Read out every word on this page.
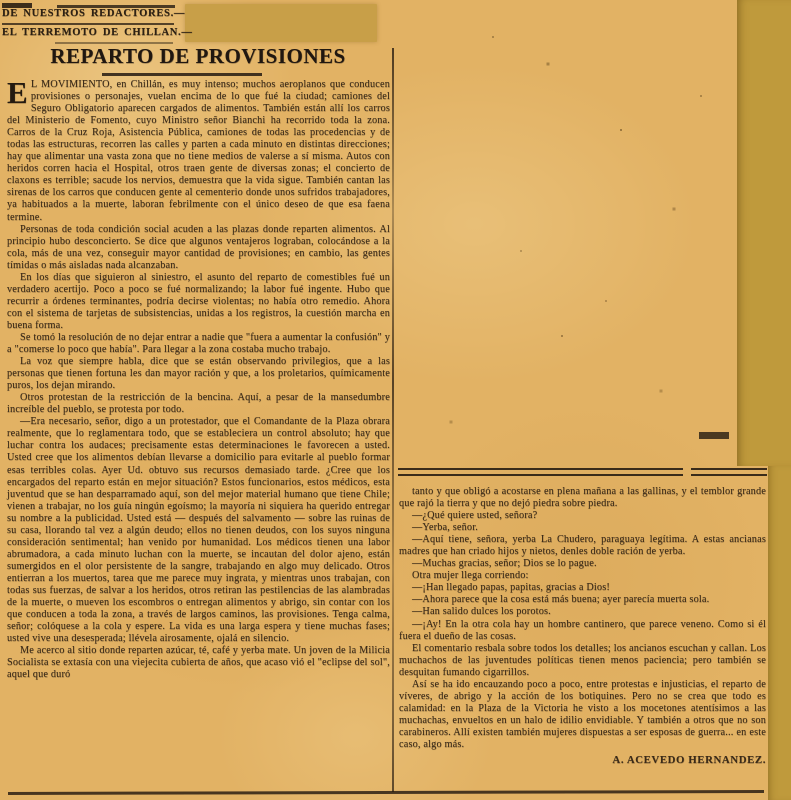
DE NUESTROS REDACTORES.—
EL TERREMOTO DE CHILLAN.—
REPARTO DE PROVISIONES

E L MOVIMIENTO, en Chillán, es muy intenso; muchos aeroplanos que conducen provisiones o personajes, vuelan encima de lo que fué la ciudad; camiones del Seguro Obligatorio aparecen cargados de alimentos. También están allí los carros del Ministerio de Fomento, cuyo Ministro señor Bianchi ha recorrido toda la zona. Carros de la Cruz Roja, Asistencia Pública, camiones de todas las procedencias y de todas las estructuras, recorren las calles y parten a cada minuto en distintas direcciones; hay que alimentar una vasta zona que no tiene medios de valerse a sí misma. Autos con heridos corren hacia el Hospital, otros traen gente de diversas zonas; el concierto de claxons es terrible; sacude los nervios, demuestra que la vida sigue. También cantan las sirenas de los carros que conducen gente al cementerio donde unos sufridos trabajadores, ya habituados a la muerte, laboran febrilmente con el único deseo de que esa faena termine.

Personas de toda condición social acuden a las plazas donde reparten alimentos. Al principio hubo desconcierto. Se dice que algunos ventajeros lograban, colocándose a la cola, más de una vez, conseguir mayor cantidad de provisiones; en cambio, las gentes tímidas o más aisladas nada alcanzaban.

En los días que siguieron al siniestro, el asunto del reparto de comestibles fué un verdadero acertijo. Poco a poco se fué normalizando; la labor fué ingente. Hubo que recurrir a órdenes terminantes, podría decirse violentas; no había otro remedio. Ahora con el sistema de tarjetas de subsistencias, unidas a los registros, la cuestión marcha en buena forma.

Se tomó la resolución de no dejar entrar a nadie que "fuera a aumentar la confusión" y a "comerse lo poco que había". Para llegar a la zona costaba mucho trabajo.

La voz que siempre habla, dice que se están observando privilegios, que a las personas que tienen fortuna les dan mayor ración y que, a los proletarios, químicamente puros, los dejan mirando.

Otros protestan de la restricción de la bencina. Aquí, a pesar de la mansedumbre increíble del pueblo, se protesta por todo.

—Era necesario, señor, digo a un protestador, que el Comandante de la Plaza obrara realmente, que lo reglamentara todo, que se estableciera un control absoluto; hay que luchar contra los audaces; precisamente estas determinaciones le favorecen a usted. Usted cree que los alimentos debían llevarse a domicilio para evitarle al pueblo formar esas terribles colas. Ayer Ud. obtuvo sus recursos demasiado tarde. ¿Cree que los encargados del reparto están en mejor situación? Estos funcionarios, estos médicos, esta juventud que se han desparramado aquí, son del mejor material humano que tiene Chile; vienen a trabajar, no los guía ningún egoísmo; la mayoría ni siquiera ha querido entregar su nombre a la publicidad. Usted está — después del salvamento — sobre las ruinas de su casa, llorando tal vez a algún deudo; ellos no tienen deudos, con los suyos ninguna consideración sentimental; han venido por humanidad. Los médicos tienen una labor abrumadora, a cada minuto luchan con la muerte, se incautan del dolor ajeno, están sumergidos en el olor persistente de la sangre, trabajando en algo muy delicado. Otros entierran a los muertos, tarea que me parece muy ingrata, y mientras unos trabajan, con todas sus fuerzas, de salvar a los heridos, otros retiran las pestilencias de las alambradas de la muerte, o mueven los escombros o entregan alimentos y abrigo, sin contar con los que conducen a toda la zona, a través de largos caminos, las provisiones. Tenga calma, señor; colóquese a la cola y espere. La vida es una larga espera y tiene muchas fases; usted vive una desesperada; llévela airosamente, ojalá en silencio.

Me acerco al sitio donde reparten azúcar, té, café y yerba mate. Un joven de la Milicia Socialista se extasía con una viejecita cubierta de años, que acaso vió el "eclipse del sol", aquel que duró

tanto y que obligó a acostarse en plena mañana a las gallinas, y el temblor grande que rajó la tierra y que no dejó piedra sobre piedra.

—¿Qué quiere usted, señora?

—Yerba, señor.

—Aquí tiene, señora, yerba La Chudero, paraguaya legítima. A estas ancianas madres que han criado hijos y nietos, denles doble ración de yerba.

—Muchas gracias, señor; Dios se lo pague.

Otra mujer llega corriendo:

—¡Han llegado papas, papitas, gracias a Dios!

—Ahora parece que la cosa está más buena; ayer parecía muerta sola.

—Han salido dulces los porotos.

—¡Ay! En la otra cola hay un hombre cantinero, que parece veneno. Como si él fuera el dueño de las cosas.

El comentario resbala sobre todos los detalles; los ancianos escuchan y callan. Los muchachos de las juventudes políticas tienen menos paciencia; pero también se desquitan fumando cigarrillos.

Así se ha ido encauzando poco a poco, entre protestas e injusticias, el reparto de víveres, de abrigo y la acción de los botiquines. Pero no se crea que todo es calamidad: en la Plaza de la Victoria he visto a los mocetones atentísimos a las muchachas, envueltos en un halo de idilio envidiable. Y también a otros que no son carabineros. Allí existen también mujeres dispuestas a ser esposas de guerra... en este caso, algo más.

A. ACEVEDO HERNANDEZ.
